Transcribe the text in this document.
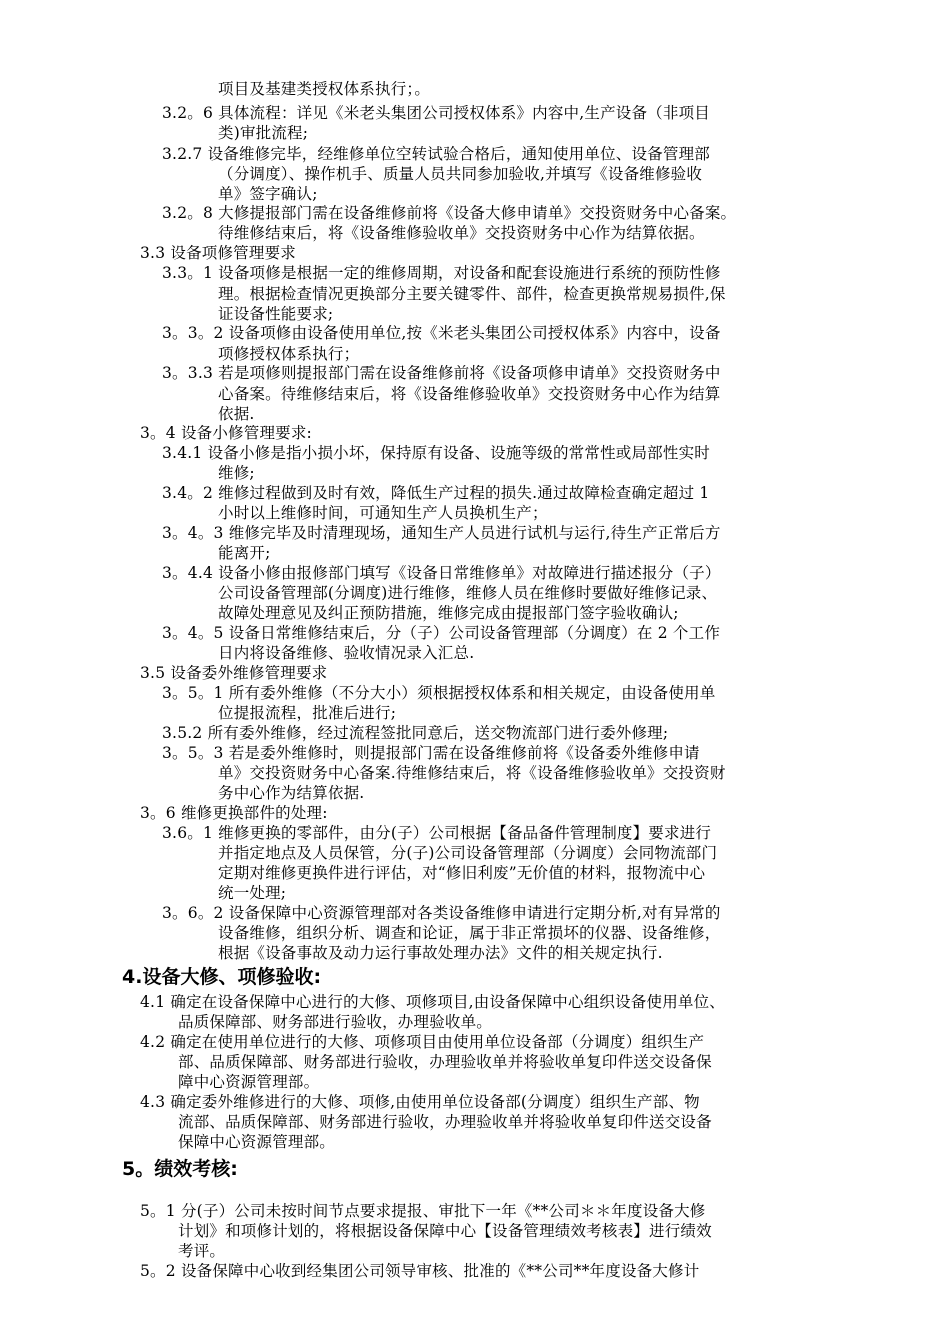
项目及基建类授权体系执行；。
3.2。6 具体流程：详见《米老头集团公司授权体系》内容中,生产设备（非项目
类)审批流程;
3.2.7 设备维修完毕，经维修单位空转试验合格后，通知使用单位、设备管理部
（分调度）、操作机手、质量人员共同参加验收,并填写《设备维修验收
单》签字确认;
3.2。8 大修提报部门需在设备维修前将《设备大修申请单》交投资财务中心备案。
待维修结束后，将《设备维修验收单》交投资财务中心作为结算依据。
3.3 设备项修管理要求
3.3。1 设备项修是根据一定的维修周期，对设备和配套设施进行系统的预防性修
理。根据检查情况更换部分主要关键零件、部件，检查更换常规易损件,保
证设备性能要求;
3。3。2 设备项修由设备使用单位,按《米老头集团公司授权体系》内容中，设备
项修授权体系执行；
3。3.3 若是项修则提报部门需在设备维修前将《设备项修申请单》交投资财务中
心备案。待维修结束后，将《设备维修验收单》交投资财务中心作为结算
依据.
3。4 设备小修管理要求:
3.4.1 设备小修是指小损小坏，保持原有设备、设施等级的常常性或局部性实时
维修;
3.4。2 维修过程做到及时有效，降低生产过程的损失.通过故障检查确定超过 1
小时以上维修时间，可通知生产人员换机生产；
3。4。3 维修完毕及时清理现场，通知生产人员进行试机与运行,待生产正常后方
能离开;
3。4.4 设备小修由报修部门填写《设备日常维修单》对故障进行描述报分（子）
公司设备管理部(分调度)进行维修，维修人员在维修时要做好维修记录、
故障处理意见及纠正预防措施，维修完成由提报部门签字验收确认;
3。4。5 设备日常维修结束后，分（子）公司设备管理部（分调度）在 2 个工作
日内将设备维修、验收情况录入汇总.
3.5 设备委外维修管理要求
3。5。1 所有委外维修（不分大小）须根据授权体系和相关规定，由设备使用单
位提报流程，批准后进行;
3.5.2 所有委外维修，经过流程签批同意后，送交物流部门进行委外修理;
3。5。3 若是委外维修时，则提报部门需在设备维修前将《设备委外维修申请
单》交投资财务中心备案.待维修结束后，将《设备维修验收单》交投资财
务中心作为结算依据.
3。6 维修更换部件的处理:
3.6。1 维修更换的零部件，由分(子）公司根据【备品备件管理制度】要求进行
并指定地点及人员保管，分(子)公司设备管理部（分调度）会同物流部门
定期对维修更换件进行评估，对“修旧利废”无价值的材料，报物流中心
统一处理;
3。6。2 设备保障中心资源管理部对各类设备维修申请进行定期分析,对有异常的
设备维修，组织分析、调查和论证，属于非正常损坏的仪器、设备维修，
根据《设备事故及动力运行事故处理办法》文件的相关规定执行.
4.设备大修、项修验收:
4.1 确定在设备保障中心进行的大修、项修项目,由设备保障中心组织设备使用单位、
品质保障部、财务部进行验收，办理验收单。
4.2 确定在使用单位进行的大修、项修项目由使用单位设备部（分调度）组织生产
部、品质保障部、财务部进行验收，办理验收单并将验收单复印件送交设备保
障中心资源管理部。
4.3 确定委外维修进行的大修、项修,由使用单位设备部(分调度）组织生产部、物
流部、品质保障部、财务部进行验收，办理验收单并将验收单复印件送交设备
保障中心资源管理部。
5。绩效考核:
5。1 分(子）公司未按时间节点要求提报、审批下一年《**公司＊＊年度设备大修
计划》和项修计划的，将根据设备保障中心【设备管理绩效考核表】进行绩效
考评。
5。2 设备保障中心收到经集团公司领导审核、批准的《**公司**年度设备大修计
